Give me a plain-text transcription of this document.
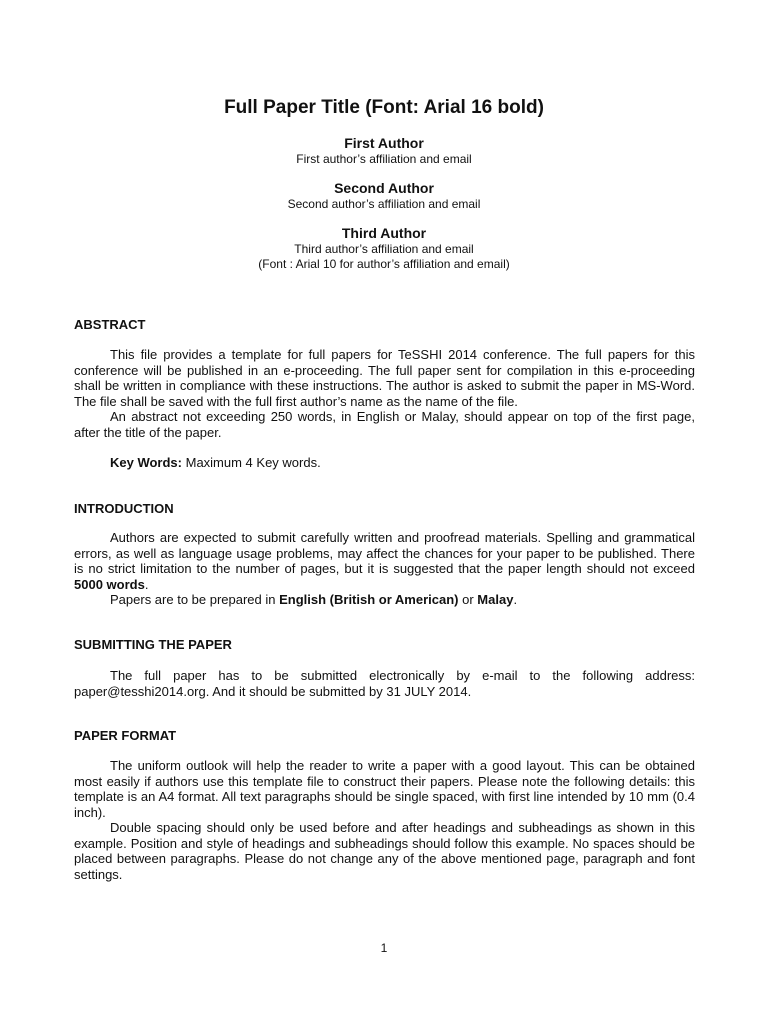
Full Paper Title (Font: Arial 16 bold)
First Author
First author’s affiliation and email
Second Author
Second author’s affiliation and email
Third Author
Third author’s affiliation and email
(Font : Arial 10 for author’s affiliation and email)
ABSTRACT

This file provides a template for full papers for TeSSHI 2014 conference. The full papers for this conference will be published in an e-proceeding. The full paper sent for compilation in this e-proceeding shall be written in compliance with these instructions. The author is asked to submit the paper in MS-Word. The file shall be saved with the full first author’s name as the name of the file.

An abstract not exceeding 250 words, in English or Malay, should appear on top of the first page, after the title of the paper.

Key Words: Maximum 4 Key words.

INTRODUCTION

Authors are expected to submit carefully written and proofread materials. Spelling and grammatical errors, as well as language usage problems, may affect the chances for your paper to be published. There is no strict limitation to the number of pages, but it is suggested that the paper length should not exceed 5000 words.

Papers are to be prepared in English (British or American) or Malay.

SUBMITTING THE PAPER

The full paper has to be submitted electronically by e-mail to the following address: paper@tesshi2014.org. And it should be submitted by 31 JULY 2014.

PAPER FORMAT

The uniform outlook will help the reader to write a paper with a good layout. This can be obtained most easily if authors use this template file to construct their papers. Please note the following details: this template is an A4 format. All text paragraphs should be single spaced, with first line intended by 10 mm (0.4 inch).

Double spacing should only be used before and after headings and subheadings as shown in this example. Position and style of headings and subheadings should follow this example. No spaces should be placed between paragraphs. Please do not change any of the above mentioned page, paragraph and font settings.

1
